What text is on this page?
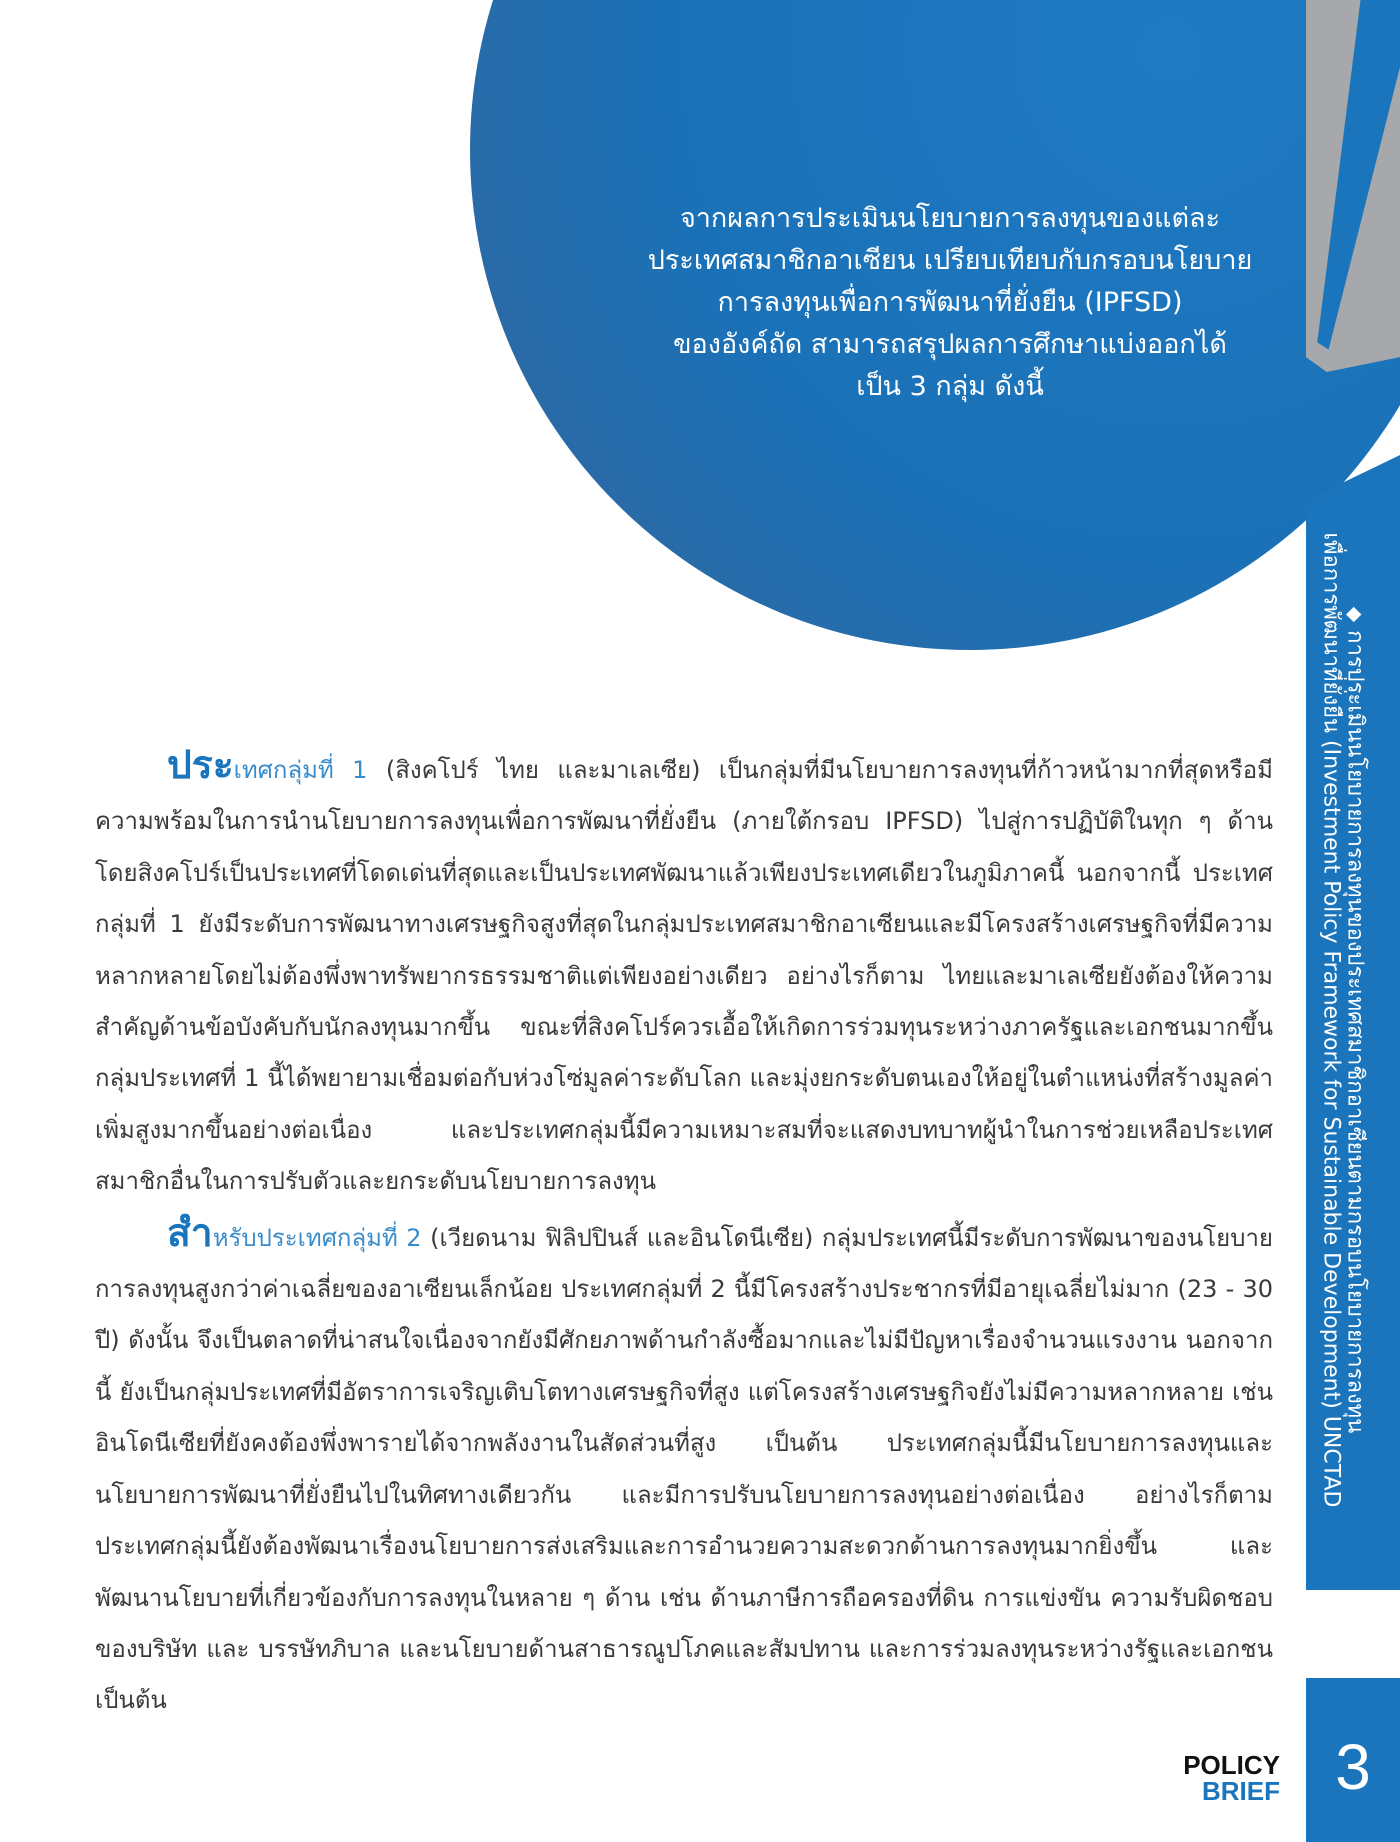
จากผลการประเมินนโยบายการลงทุนของแต่ละ
ประเทศสมาชิกอาเซียน เปรียบเทียบกับกรอบนโยบาย
การลงทุนเพื่อการพัฒนาที่ยั่งยืน (IPFSD)
ของอังค์ถัด สามารถสรุปผลการศึกษาแบ่งออกได้
เป็น 3 กลุ่ม ดังนี้
◆การประเมินนโยบายการลงทุนของประเทศสมาชิกอาเซียนตามกรอบนโยบายการลงทุน
เพื่อการพัฒนาที่ยั่งยืน (Investment Policy Framework for Sustainable Development) UNCTAD

ประเทศกลุ่มที่ 1 (สิงคโปร์ ไทย และมาเลเซีย) เป็นกลุ่มที่มีนโยบายการลงทุนที่ก้าวหน้ามากที่สุดหรือมีความพร้อมในการนำนโยบายการลงทุนเพื่อการพัฒนาที่ยั่งยืน (ภายใต้กรอบ IPFSD) ไปสู่การปฏิบัติในทุก ๆ ด้าน โดยสิงคโปร์เป็นประเทศที่โดดเด่นที่สุดและเป็นประเทศพัฒนาแล้วเพียงประเทศเดียวในภูมิภาคนี้ นอกจากนี้ ประเทศกลุ่มที่ 1 ยังมีระดับการพัฒนาทางเศรษฐกิจสูงที่สุดในกลุ่มประเทศสมาชิกอาเซียนและมีโครงสร้างเศรษฐกิจที่มีความหลากหลายโดยไม่ต้องพึ่งพาทรัพยากรธรรมชาติแต่เพียงอย่างเดียว อย่างไรก็ตาม ไทยและมาเลเซียยังต้องให้ความสำคัญด้านข้อบังคับกับนักลงทุนมากขึ้น ขณะที่สิงคโปร์ควรเอื้อให้เกิดการร่วมทุนระหว่างภาครัฐและเอกชนมากขึ้น กลุ่มประเทศที่ 1 นี้ได้พยายามเชื่อมต่อกับห่วงโซ่มูลค่าระดับโลก และมุ่งยกระดับตนเองให้อยู่ในตำแหน่งที่สร้างมูลค่าเพิ่มสูงมากขึ้นอย่างต่อเนื่อง และประเทศกลุ่มนี้มีความเหมาะสมที่จะแสดงบทบาทผู้นำในการช่วยเหลือประเทศสมาชิกอื่นในการปรับตัวและยกระดับนโยบายการลงทุน

สำหรับประเทศกลุ่มที่ 2 (เวียดนาม ฟิลิปปินส์ และอินโดนีเซีย) กลุ่มประเทศนี้มีระดับการพัฒนาของนโยบายการลงทุนสูงกว่าค่าเฉลี่ยของอาเซียนเล็กน้อย ประเทศกลุ่มที่ 2 นี้มีโครงสร้างประชากรที่มีอายุเฉลี่ยไม่มาก (23 - 30 ปี) ดังนั้น จึงเป็นตลาดที่น่าสนใจเนื่องจากยังมีศักยภาพด้านกำลังซื้อมากและไม่มีปัญหาเรื่องจำนวนแรงงาน นอกจากนี้ ยังเป็นกลุ่มประเทศที่มีอัตราการเจริญเติบโตทางเศรษฐกิจที่สูง แต่โครงสร้างเศรษฐกิจยังไม่มีความหลากหลาย เช่น อินโดนีเซียที่ยังคงต้องพึ่งพารายได้จากพลังงานในสัดส่วนที่สูง เป็นต้น ประเทศกลุ่มนี้มีนโยบายการลงทุนและนโยบายการพัฒนาที่ยั่งยืนไปในทิศทางเดียวกัน และมีการปรับนโยบายการลงทุนอย่างต่อเนื่อง อย่างไรก็ตาม ประเทศกลุ่มนี้ยังต้องพัฒนาเรื่องนโยบายการส่งเสริมและการอำนวยความสะดวกด้านการลงทุนมากยิ่งขึ้น และพัฒนานโยบายที่เกี่ยวข้องกับการลงทุนในหลาย ๆ ด้าน เช่น ด้านภาษีการถือครองที่ดิน การแข่งขัน ความรับผิดชอบของบริษัท และ บรรษัทภิบาล และนโยบายด้านสาธารณูปโภคและสัมปทาน และการร่วมลงทุนระหว่างรัฐและเอกชน เป็นต้น

POLICY
BRIEF 3
